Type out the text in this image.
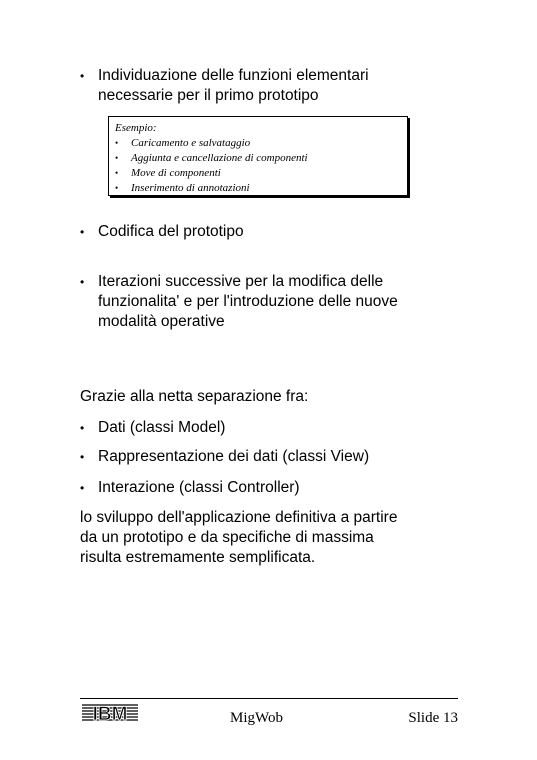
• Individuazione delle funzioni elementari
necessarie per il primo prototipo
Esempio:
• Caricamento e salvataggio
• Aggiunta e cancellazione di componenti
• Move di componenti
• Inserimento di annotazioni
• Codifica del prototipo
• Iterazioni successive per la modifica delle
funzionalita' e per l'introduzione delle nuove
modalità operative
Grazie alla netta separazione fra:
• Dati (classi Model)
• Rappresentazione dei dati (classi View)
• Interazione (classi Controller)
lo sviluppo dell'applicazione definitiva a partire
da un prototipo e da specifiche di massima
risulta estremamente semplificata.
IBM	MigWob	Slide 13
